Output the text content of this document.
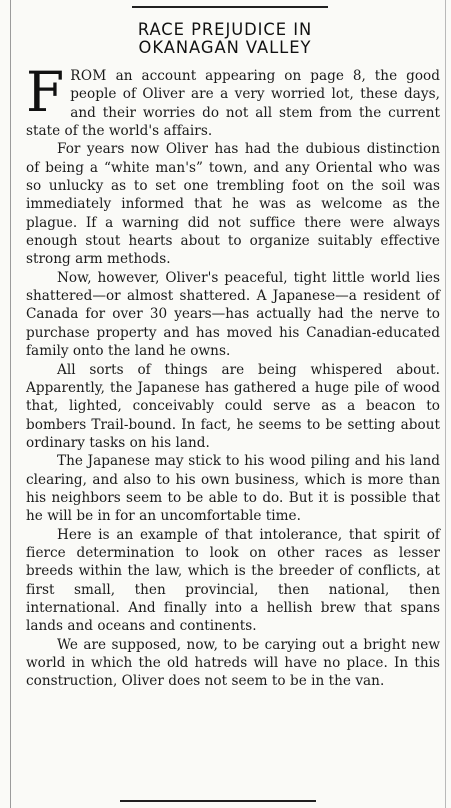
RACE PREJUDICE IN
OKANAGAN VALLEY

FROM an account appearing on page 8, the good people of Oliver are a very worried lot, these days, and their worries do not all stem from the current state of the world's affairs.

For years now Oliver has had the dubious distinction of being a “white man's” town, and any Oriental who was so unlucky as to set one trembling foot on the soil was immediately informed that he was as welcome as the plague. If a warning did not suffice there were always enough stout hearts about to organize suitably effective strong arm methods.

Now, however, Oliver's peaceful, tight little world lies shattered—or almost shattered. A Japanese—a resident of Canada for over 30 years—has actually had the nerve to purchase property and has moved his Canadian-educated family onto the land he owns.

All sorts of things are being whispered about. Apparently, the Japanese has gathered a huge pile of wood that, lighted, conceivably could serve as a beacon to bombers Trail-bound. In fact, he seems to be setting about ordinary tasks on his land.

The Japanese may stick to his wood piling and his land clearing, and also to his own business, which is more than his neighbors seem to be able to do. But it is possible that he will be in for an uncomfortable time.

Here is an example of that intolerance, that spirit of fierce determination to look on other races as lesser breeds within the law, which is the breeder of conflicts, at first small, then provincial, then national, then international. And finally into a hellish brew that spans lands and oceans and continents.

We are supposed, now, to be carying out a bright new world in which the old hatreds will have no place. In this construction, Oliver does not seem to be in the van.
